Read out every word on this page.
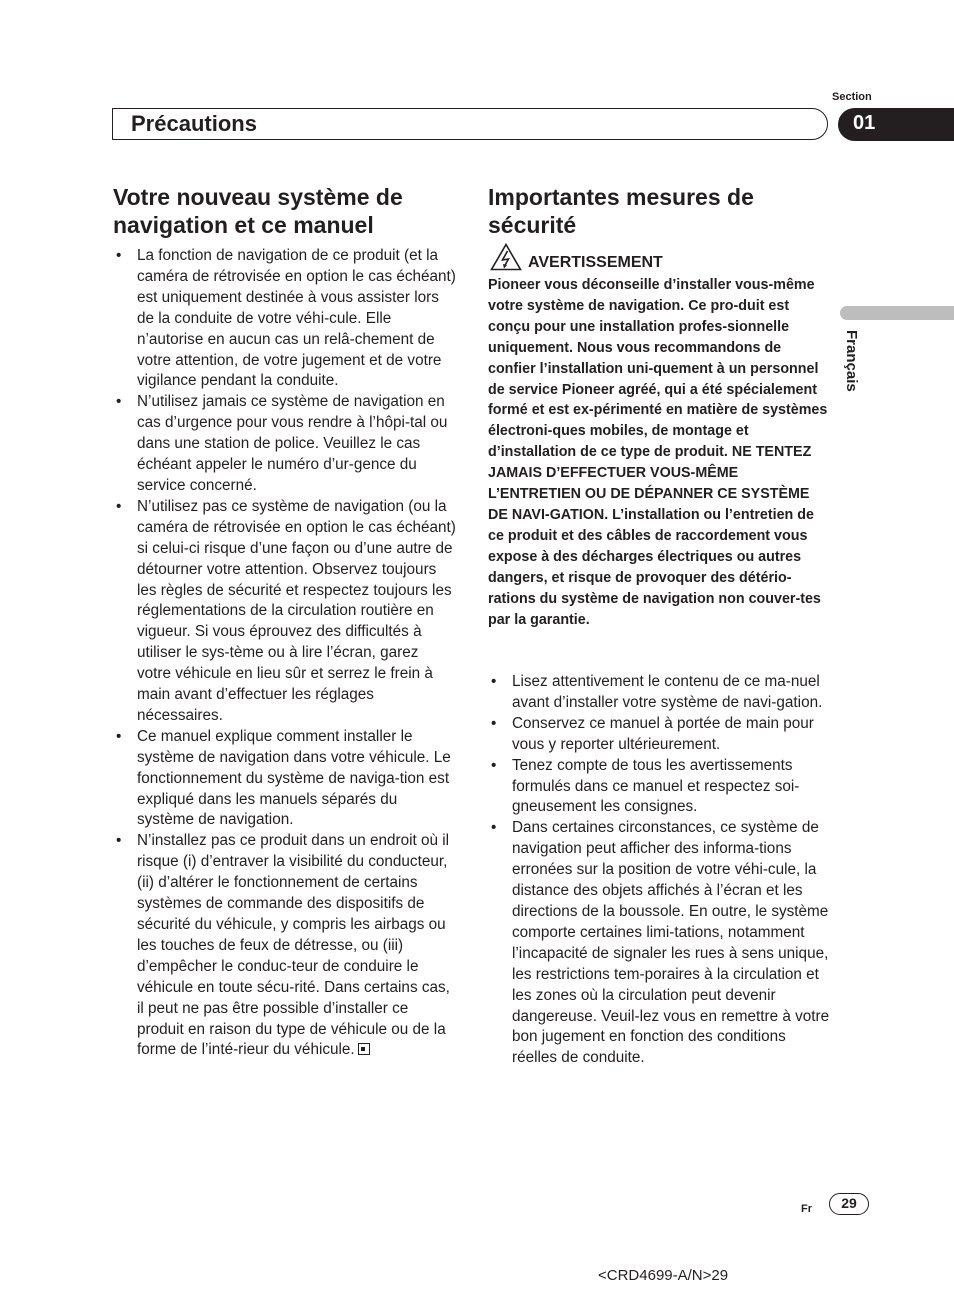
Section
Précautions	01
Français
Votre nouveau système de navigation et ce manuel
• La fonction de navigation de ce produit (et la caméra de rétrovisée en option le cas échéant) est uniquement destinée à vous assister lors de la conduite de votre véhi-cule. Elle n’autorise en aucun cas un relâ-chement de votre attention, de votre jugement et de votre vigilance pendant la conduite.
• N’utilisez jamais ce système de navigation en cas d’urgence pour vous rendre à l’hôpi-tal ou dans une station de police. Veuillez le cas échéant appeler le numéro d’ur-gence du service concerné.
• N’utilisez pas ce système de navigation (ou la caméra de rétrovisée en option le cas échéant) si celui-ci risque d’une façon ou d’une autre de détourner votre attention. Observez toujours les règles de sécurité et respectez toujours les réglementations de la circulation routière en vigueur. Si vous éprouvez des difficultés à utiliser le sys-tème ou à lire l’écran, garez votre véhicule en lieu sûr et serrez le frein à main avant d’effectuer les réglages nécessaires.
• Ce manuel explique comment installer le système de navigation dans votre véhicule. Le fonctionnement du système de naviga-tion est expliqué dans les manuels séparés du système de navigation.
• N’installez pas ce produit dans un endroit où il risque (i) d’entraver la visibilité du conducteur, (ii) d’altérer le fonctionnement de certains systèmes de commande des dispositifs de sécurité du véhicule, y compris les airbags ou les touches de feux de détresse, ou (iii) d’empêcher le conduc-teur de conduire le véhicule en toute sécu-rité. Dans certains cas, il peut ne pas être possible d’installer ce produit en raison du type de véhicule ou de la forme de l’inté-rieur du véhicule.
Importantes mesures de sécurité
AVERTISSEMENT
Pioneer vous déconseille d’installer vous-même votre système de navigation. Ce pro-duit est conçu pour une installation profes-sionnelle uniquement. Nous vous recommandons de confier l’installation uni-quement à un personnel de service Pioneer agréé, qui a été spécialement formé et est ex-périmenté en matière de systèmes électroni-ques mobiles, de montage et d’installation de ce type de produit. NE TENTEZ JAMAIS D’EFFECTUER VOUS-MÊME L’ENTRETIEN OU DE DÉPANNER CE SYSTÈME DE NAVI-GATION. L’installation ou l’entretien de ce produit et des câbles de raccordement vous expose à des décharges électriques ou autres dangers, et risque de provoquer des détério-rations du système de navigation non couver-tes par la garantie.
• Lisez attentivement le contenu de ce ma-nuel avant d’installer votre système de navi-gation.
• Conservez ce manuel à portée de main pour vous y reporter ultérieurement.
• Tenez compte de tous les avertissements formulés dans ce manuel et respectez soi-gneusement les consignes.
• Dans certaines circonstances, ce système de navigation peut afficher des informa-tions erronées sur la position de votre véhi-cule, la distance des objets affichés à l’écran et les directions de la boussole. En outre, le système comporte certaines limi-tations, notamment l’incapacité de signaler les rues à sens unique, les restrictions tem-poraires à la circulation et les zones où la circulation peut devenir dangereuse. Veuil-lez vous en remettre à votre bon jugement en fonction des conditions réelles de conduite.
Fr	29
<CRD4699-A/N>29
